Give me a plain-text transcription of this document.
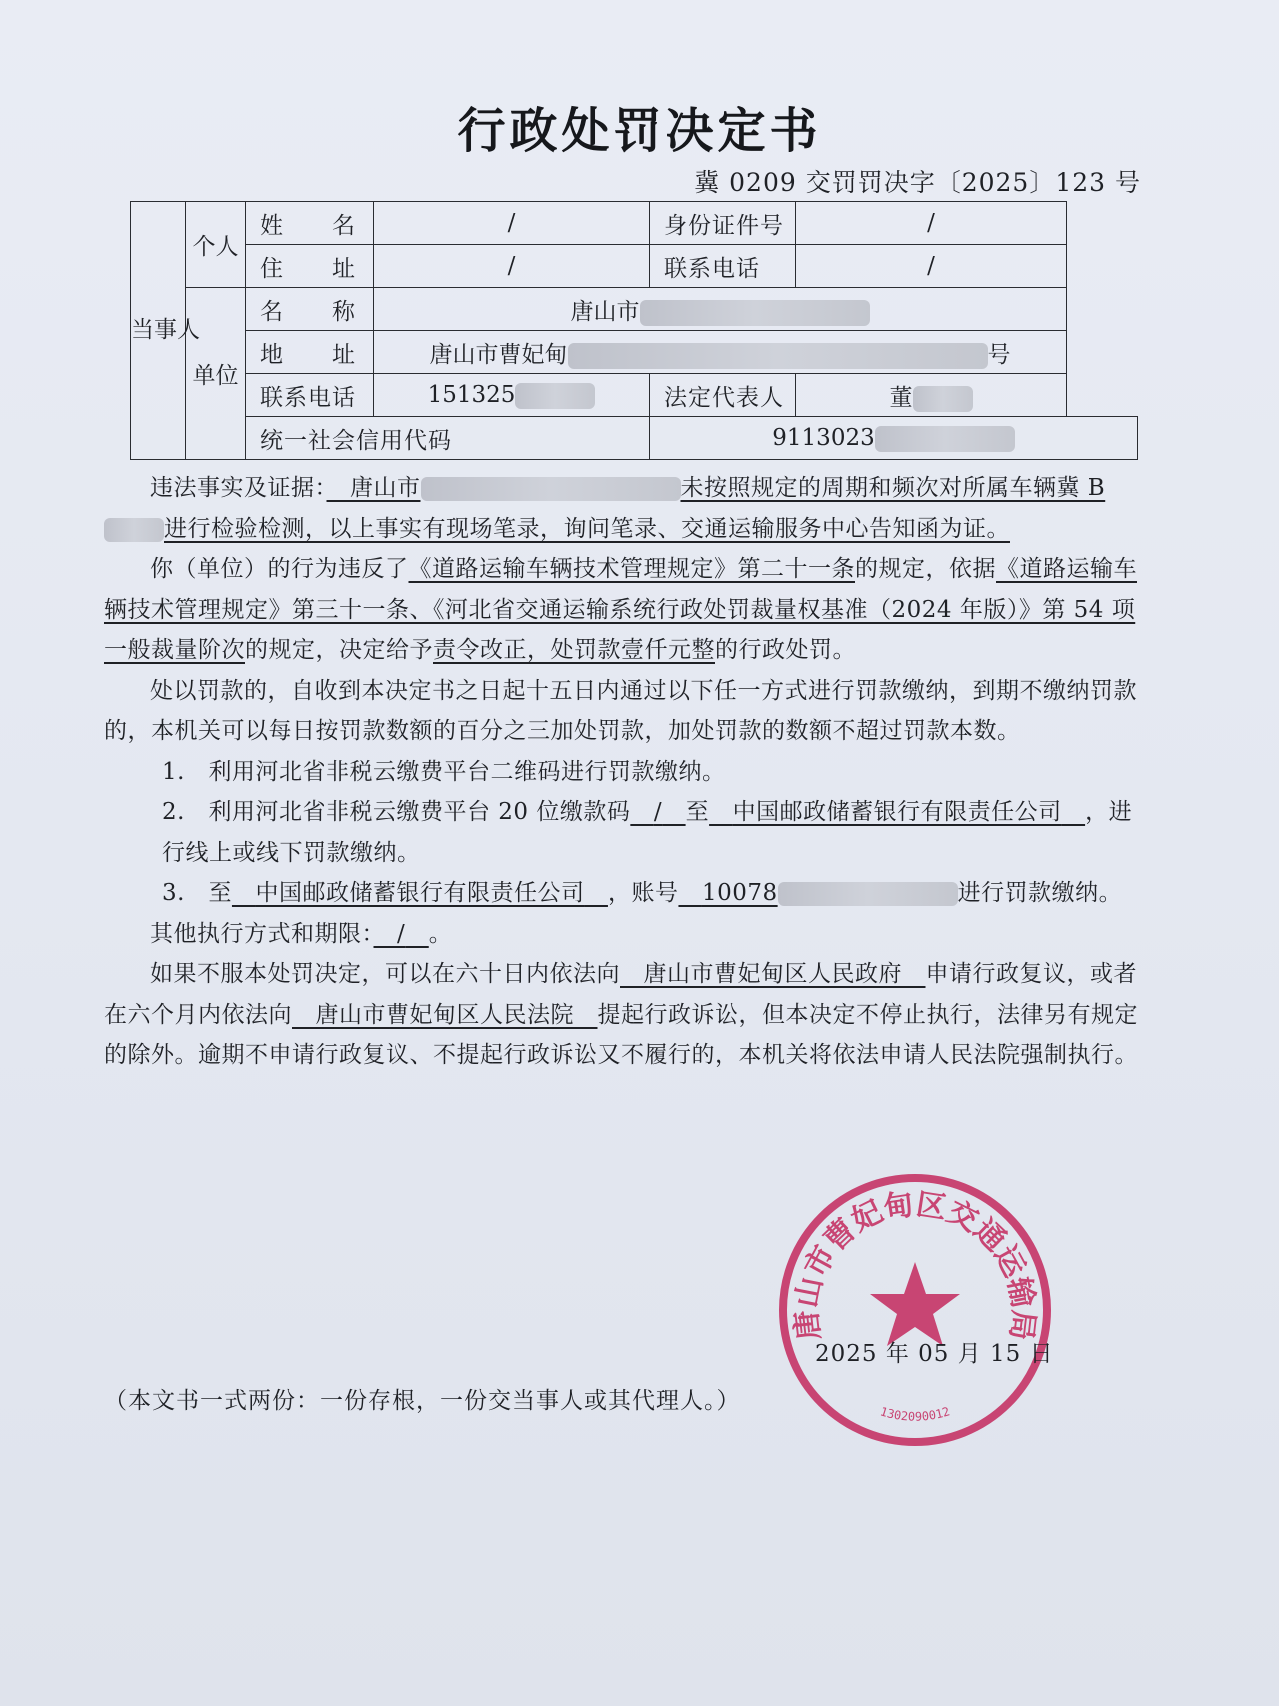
行政处罚决定书
冀 0209 交罚罚决字〔2025〕123 号
当事人	个人	姓　　名	/	身份证件号	/
		住　　址	/	联系电话	/
	单位	名　　称	唐山市		
		地　　址	唐山市曹妃甸 号		
		联系电话	151325	法定代表人	董
		统一社会信用代码		9113023	

违法事实及证据：　 唐山市	未按照规定的周期和频次对所属车辆冀 B进行检验检测，以上事实有现场笔录，询问笔录、交通运输服务中心告知函为证。

你（单位）的行为违反了《道路运输车辆技术管理规定》第二十一条的规定，依据《道路运输车辆技术管理规定》第三十一条、《河北省交通运输系统行政处罚裁量权基准（2024 年版）》第 54 项一般裁量阶次的规定，决定给予责令改正，处罚款壹仟元整的行政处罚。

处以罚款的，自收到本决定书之日起十五日内通过以下任一方式进行罚款缴纳，到期不缴纳罚款的，本机关可以每日按罚款数额的百分之三加处罚款，加处罚款的数额不超过罚款本数。

1.　利用河北省非税云缴费平台二维码进行罚款缴纳。

2.　利用河北省非税云缴费平台 20 位缴款码　 /　 至　 中国邮政储蓄银行有限责任公司　 ，进行线上或线下罚款缴纳。

3.　至　 中国邮政储蓄银行有限责任公司　 ，账号　 10078	进行罚款缴纳。

其他执行方式和期限：　 /　 。

如果不服本处罚决定，可以在六十日内依法向　 唐山市曹妃甸区人民政府　 申请行政复议，或者在六个月内依法向　 唐山市曹妃甸区人民法院　 提起行政诉讼，但本决定不停止执行，法律另有规定的除外。逾期不申请行政复议、不提起行政诉讼又不履行的，本机关将依法申请人民法院强制执行。

唐山市曹妃甸区交通运输局
1302090012
2025 年 05 月 15 日
（本文书一式两份：一份存根，一份交当事人或其代理人。）
